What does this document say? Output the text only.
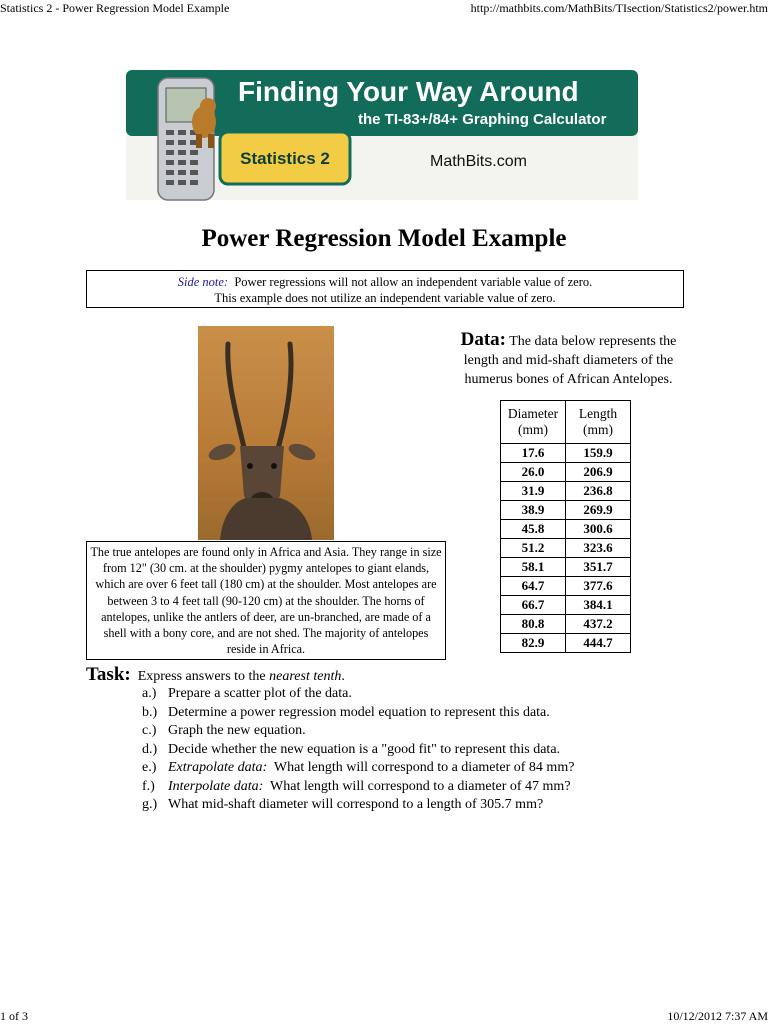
Statistics 2 - Power Regression Model Example	http://mathbits.com/MathBits/TIsection/Statistics2/power.htm
Finding Your Way Around
the TI-83+/84+ Graphing Calculator
Statistics 2	MathBits.com
Power Regression Model Example
Side note: Power regressions will not allow an independent variable value of zero.
This example does not utilize an independent variable value of zero.
The true antelopes are found only in Africa and Asia. They range in size from 12" (30 cm. at the shoulder) pygmy antelopes to giant elands, which are over 6 feet tall (180 cm) at the shoulder. Most antelopes are between 3 to 4 feet tall (90-120 cm) at the shoulder. The horns of antelopes, unlike the antlers of deer, are un-branched, are made of a shell with a bony core, and are not shed. The majority of antelopes reside in Africa.
Data: The data below represents the length and mid-shaft diameters of the humerus bones of African Antelopes.
Diameter (mm)	Length (mm)
17.6	159.9
26.0	206.9
31.9	236.8
38.9	269.9
45.8	300.6
51.2	323.6
58.1	351.7
64.7	377.6
66.7	384.1
80.8	437.2
82.9	444.7
Task: Express answers to the nearest tenth.
a.) Prepare a scatter plot of the data.
b.) Determine a power regression model equation to represent this data.
c.) Graph the new equation.
d.) Decide whether the new equation is a "good fit" to represent this data.
e.) Extrapolate data: What length will correspond to a diameter of 84 mm?
f.) Interpolate data: What length will correspond to a diameter of 47 mm?
g.) What mid-shaft diameter will correspond to a length of 305.7 mm?
1 of 3	10/12/2012 7:37 AM
